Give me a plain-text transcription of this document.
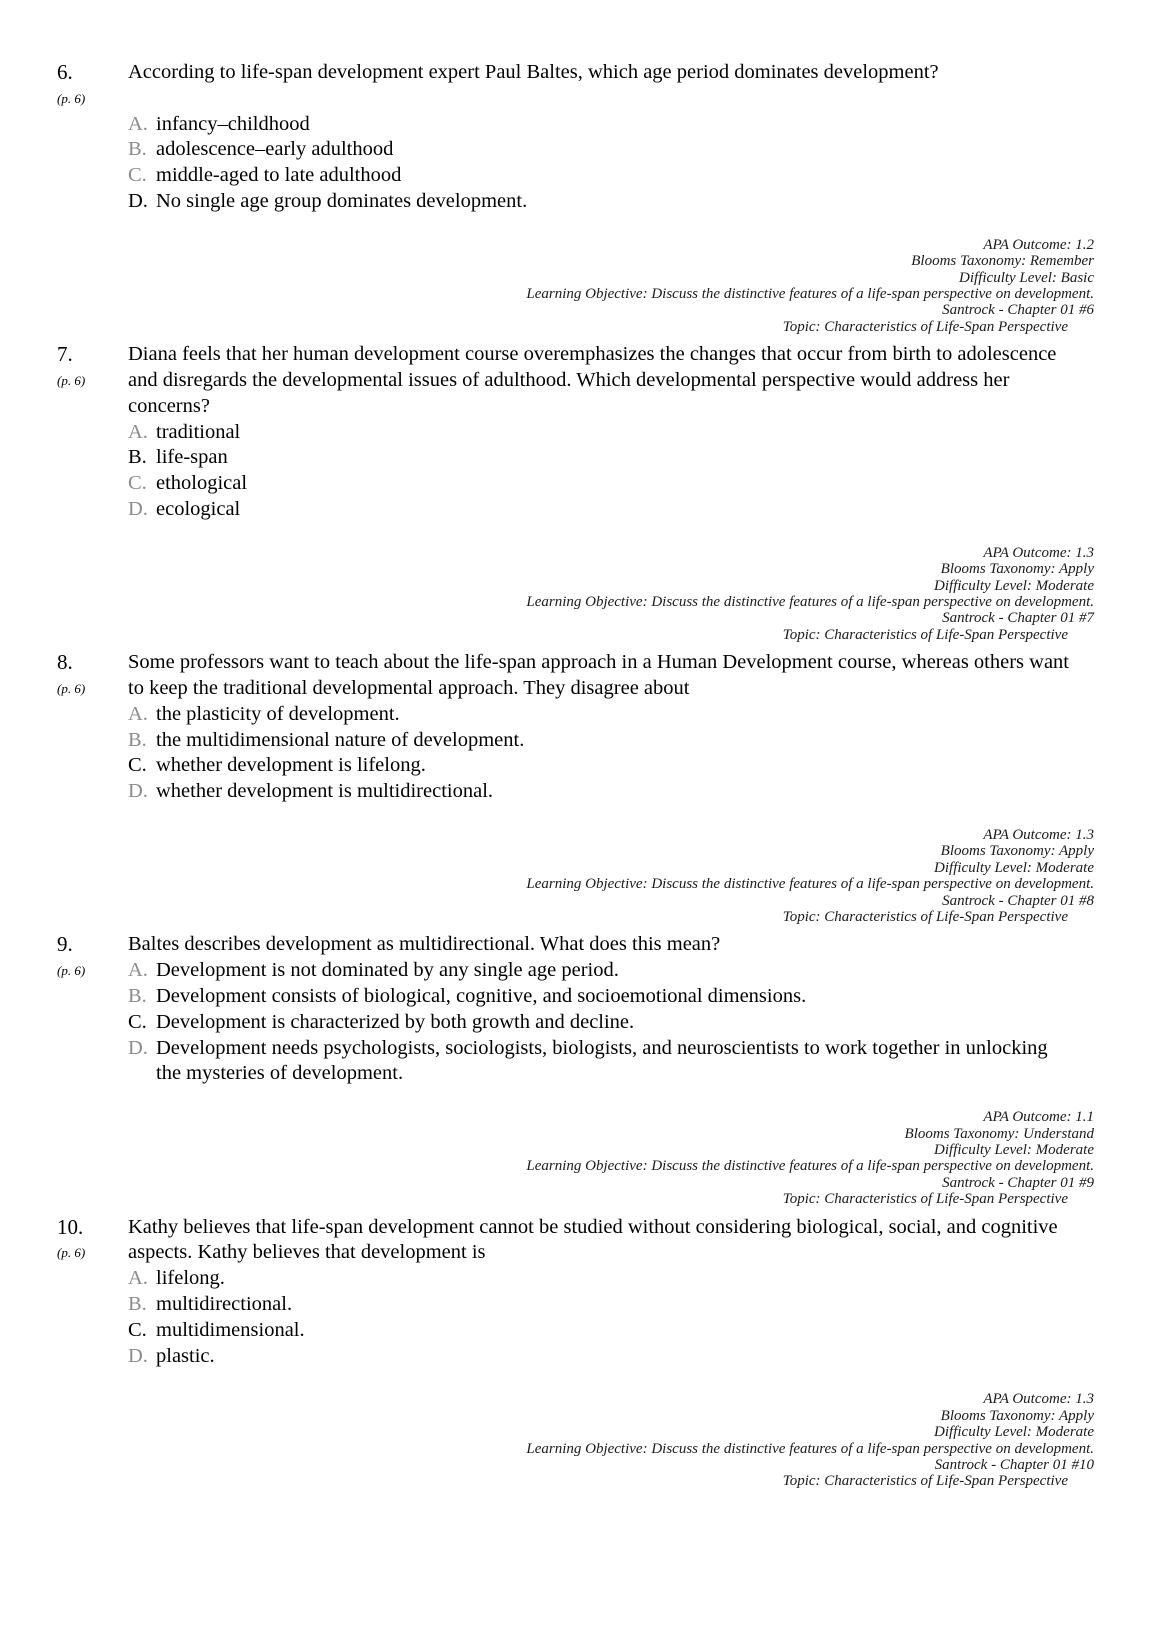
6.
(p. 6)
According to life-span development expert Paul Baltes, which age period dominates development?
A. infancy–childhood
B. adolescence–early adulthood
C. middle-aged to late adulthood
D. No single age group dominates development.
APA Outcome: 1.2
Blooms Taxonomy: Remember
Difficulty Level: Basic
Learning Objective: Discuss the distinctive features of a life-span perspective on development.
Santrock - Chapter 01 #6
Topic: Characteristics of Life-Span Perspective
7.
(p. 6)
Diana feels that her human development course overemphasizes the changes that occur from birth to adolescence and disregards the developmental issues of adulthood. Which developmental perspective would address her concerns?
A. traditional
B. life-span
C. ethological
D. ecological
APA Outcome: 1.3
Blooms Taxonomy: Apply
Difficulty Level: Moderate
Learning Objective: Discuss the distinctive features of a life-span perspective on development.
Santrock - Chapter 01 #7
Topic: Characteristics of Life-Span Perspective
8.
(p. 6)
Some professors want to teach about the life-span approach in a Human Development course, whereas others want to keep the traditional developmental approach. They disagree about
A. the plasticity of development.
B. the multidimensional nature of development.
C. whether development is lifelong.
D. whether development is multidirectional.
APA Outcome: 1.3
Blooms Taxonomy: Apply
Difficulty Level: Moderate
Learning Objective: Discuss the distinctive features of a life-span perspective on development.
Santrock - Chapter 01 #8
Topic: Characteristics of Life-Span Perspective
9.
(p. 6)
Baltes describes development as multidirectional. What does this mean?
A. Development is not dominated by any single age period.
B. Development consists of biological, cognitive, and socioemotional dimensions.
C. Development is characterized by both growth and decline.
D. Development needs psychologists, sociologists, biologists, and neuroscientists to work together in unlocking the mysteries of development.
APA Outcome: 1.1
Blooms Taxonomy: Understand
Difficulty Level: Moderate
Learning Objective: Discuss the distinctive features of a life-span perspective on development.
Santrock - Chapter 01 #9
Topic: Characteristics of Life-Span Perspective
10.
(p. 6)
Kathy believes that life-span development cannot be studied without considering biological, social, and cognitive aspects. Kathy believes that development is
A. lifelong.
B. multidirectional.
C. multidimensional.
D. plastic.
APA Outcome: 1.3
Blooms Taxonomy: Apply
Difficulty Level: Moderate
Learning Objective: Discuss the distinctive features of a life-span perspective on development.
Santrock - Chapter 01 #10
Topic: Characteristics of Life-Span Perspective
